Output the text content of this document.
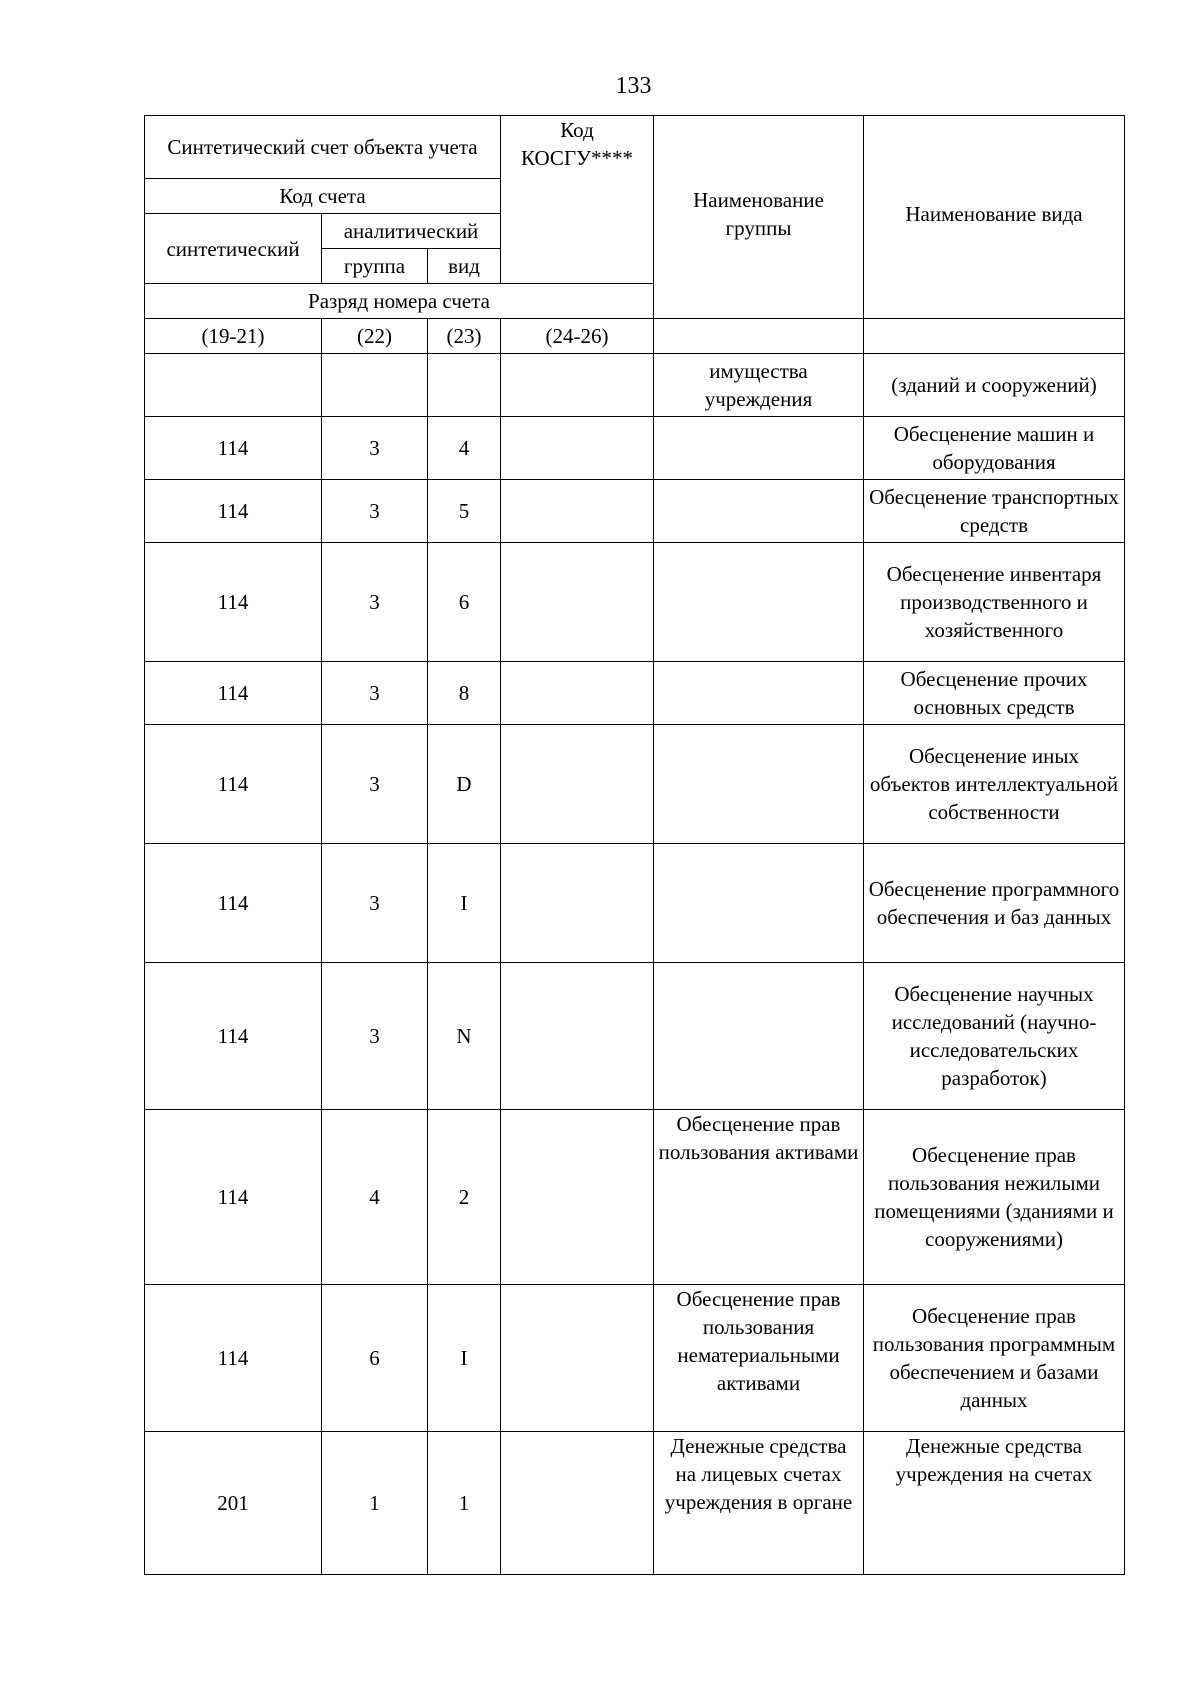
133
Синтетический счет объекта учета			Код КОСГУ****	Наименование группы	Наименование вида
Код счета					
синтетический	аналитический				
	группа	вид			
Разряд номера счета					
(19-21)	(22)	(23)	(24-26)		
				имущества учреждения	(зданий и сооружений)
114	3	4			Обесценение машин и оборудования
114	3	5			Обесценение транспортных средств
114	3	6			Обесценение инвентаря производственного и хозяйственного
114	3	8			Обесценение прочих основных средств
114	3	D			Обесценение иных объектов интеллектуальной собственности
114	3	I			Обесценение программного обеспечения и баз данных
114	3	N			Обесценение научных исследований (научно-исследовательских разработок)
114	4	2		Обесценение прав пользования активами	Обесценение прав пользования нежилыми помещениями (зданиями и сооружениями)
114	6	I		Обесценение прав пользования нематериальными активами	Обесценение прав пользования программным обеспечением и базами данных
201	1	1		Денежные средства на лицевых счетах учреждения в органе	Денежные средства учреждения на счетах
